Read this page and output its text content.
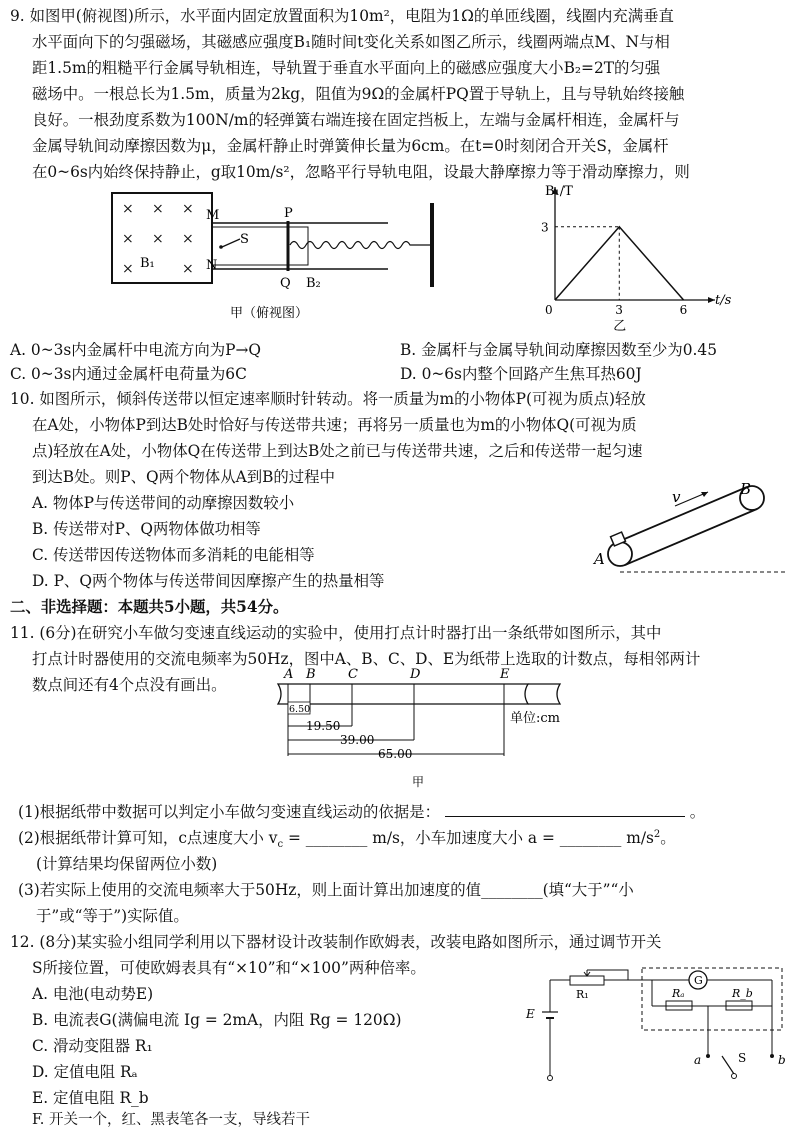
9. 如图甲(俯视图)所示，水平面内固定放置面积为10m²，电阻为1Ω的单匝线圈，线圈内充满垂直
水平面向下的匀强磁场，其磁感应强度B₁随时间t变化关系如图乙所示，线圈两端点M、N与相
距1.5m的粗糙平行金属导轨相连，导轨置于垂直水平面向上的磁感应强度大小B₂=2T的匀强
磁场中。一根总长为1.5m，质量为2kg，阻值为9Ω的金属杆PQ置于导轨上，且与导轨始终接触
良好。一根劲度系数为100N/m的轻弹簧右端连接在固定挡板上，左端与金属杆相连，金属杆与
金属导轨间动摩擦因数为μ，金属杆静止时弹簧伸长量为6cm。在t=0时刻闭合开关S，金属杆
在0~6s内始终保持静止，g取10m/s²，忽略平行导轨电阻，设最大静摩擦力等于滑动摩擦力，则
× × ×
× × ×
×	×
B₁
M
N
S
P
Q B₂
甲（俯视图）
B₁/T
t/s
0
3
3	6
乙
A. 0~3s内金属杆中电流方向为P→Q	B. 金属杆与金属导轨间动摩擦因数至少为0.45
C. 0~3s内通过金属杆电荷量为6C	D. 0~6s内整个回路产生焦耳热60J
10. 如图所示，倾斜传送带以恒定速率顺时针转动。将一质量为m的小物体P(可视为质点)轻放
在A处，小物体P到达B处时恰好与传送带共速；再将另一质量也为m的小物体Q(可视为质
点)轻放在A处，小物体Q在传送带上到达B处之前已与传送带共速，之后和传送带一起匀速
到达B处。则P、Q两个物体从A到B的过程中
A. 物体P与传送带间的动摩擦因数较小
B. 传送带对P、Q两物体做功相等
C. 传送带因传送物体而多消耗的电能相等
D. P、Q两个物体与传送带间因摩擦产生的热量相等
v
A
B
二、非选择题：本题共5小题，共54分。
11. (6分)在研究小车做匀变速直线运动的实验中，使用打点计时器打出一条纸带如图所示，其中
打点计时器使用的交流电频率为50Hz，图中A、B、C、D、E为纸带上选取的计数点，每相邻两计
数点间还有4个点没有画出。
A B C	D	E
6.50
19.50
39.00
65.00
单位:cm
甲
(1)根据纸带中数据可以判定小车做匀变速直线运动的依据是：	。
(2)根据纸带计算可知，c点速度大小 $v_c$ = ________ m/s，小车加速度大小 a = ________ $m/s^2$。
(计算结果均保留两位小数)
(3)若实际上使用的交流电频率大于50Hz，则上面计算出加速度的值________(填“大于”“小
于”或“等于”)实际值。
12. (8分)某实验小组同学利用以下器材设计改装制作欧姆表，改装电路如图所示，通过调节开关
S所接位置，可使欧姆表具有“×10”和“×100”两种倍率。
A. 电池(电动势E)
B. 电流表G(满偏电流 Ig = 2mA，内阻 Rg = 120Ω)
C. 滑动变阻器 R₁
D. 定值电阻 Rₐ
E. 定值电阻 R_b
F. 开关一个，红、黑表笔各一支，导线若干
G
Rₐ	R_b
R₁
E
a	b
S
